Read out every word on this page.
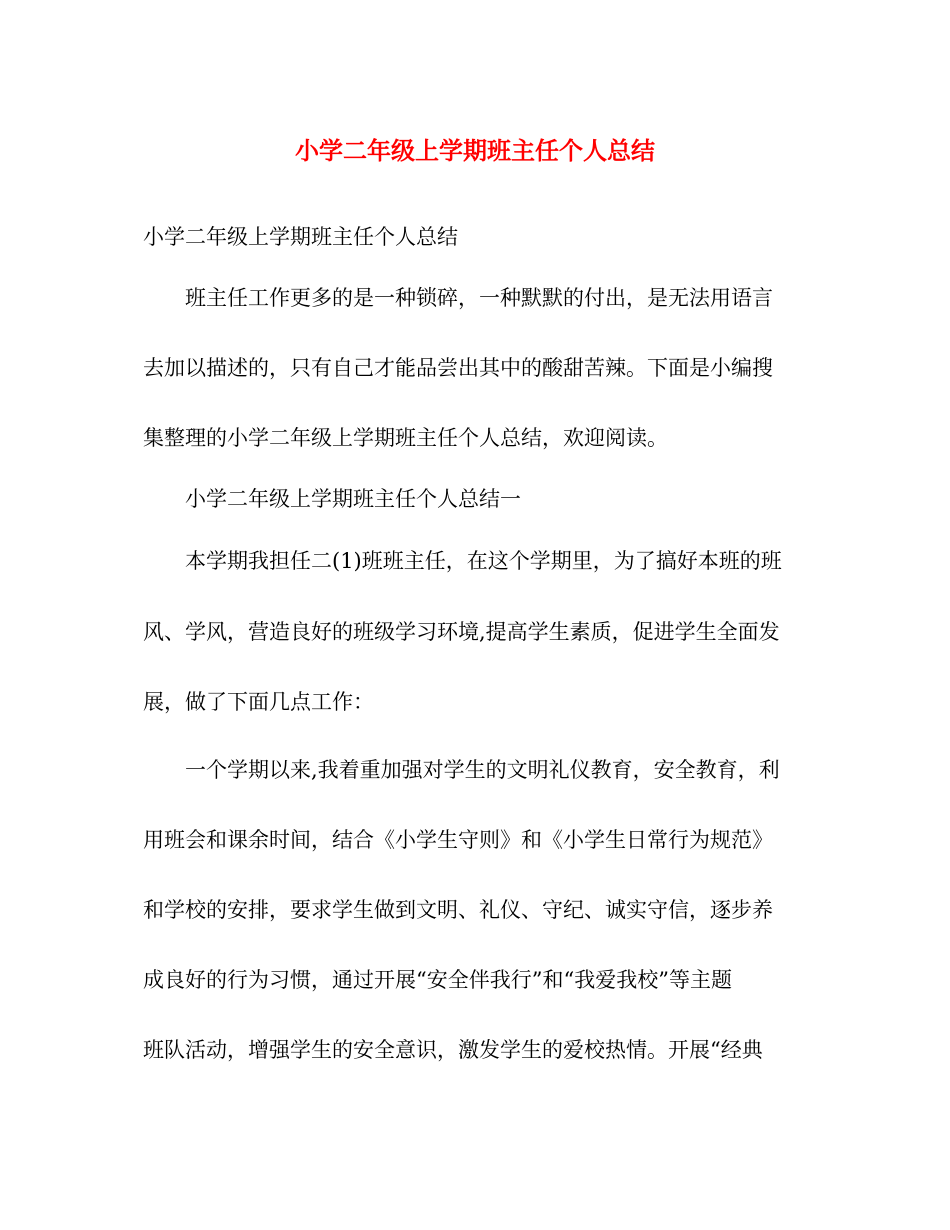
小学二年级上学期班主任个人总结
小学二年级上学期班主任个人总结
班主任工作更多的是一种锁碎，一种默默的付出，是无法用语言
去加以描述的，只有自己才能品尝出其中的酸甜苦辣。下面是小编搜
集整理的小学二年级上学期班主任个人总结，欢迎阅读。
小学二年级上学期班主任个人总结一
本学期我担任二(1)班班主任，在这个学期里，为了搞好本班的班
风、学风，营造良好的班级学习环境,提高学生素质，促进学生全面发
展，做了下面几点工作：
一个学期以来,我着重加强对学生的文明礼仪教育，安全教育，利
用班会和课余时间，结合《小学生守则》和《小学生日常行为规范》
和学校的安排，要求学生做到文明、礼仪、守纪、诚实守信，逐步养
成良好的行为习惯，通过开展“安全伴我行”和“我爱我校”等主题
班队活动，增强学生的安全意识，激发学生的爱校热情。开展“经典
